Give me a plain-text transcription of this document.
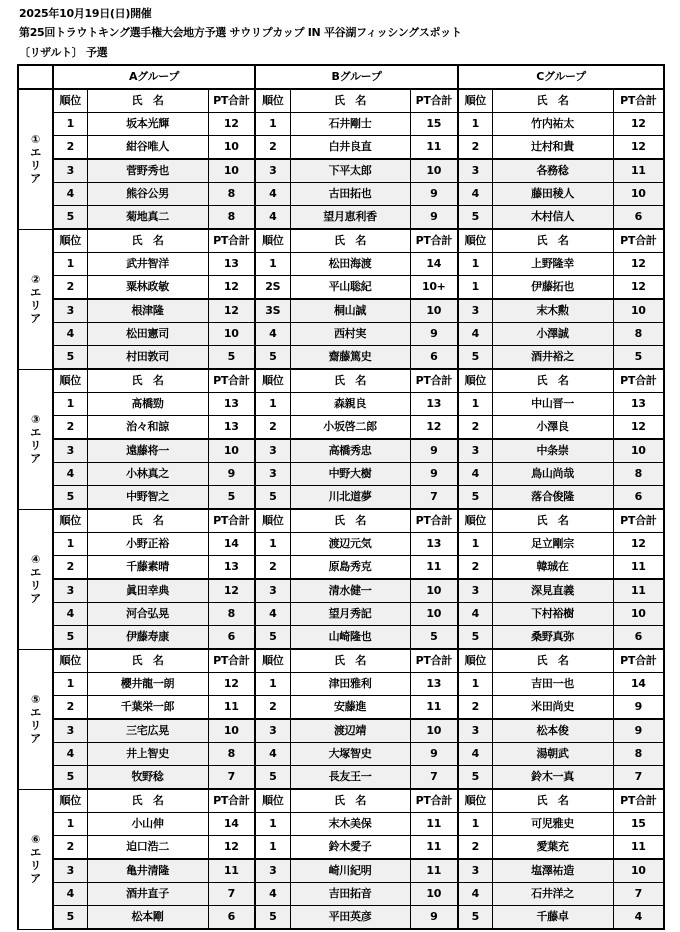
2025年10月19日(日)開催
第25回トラウトキング選手権大会地方予選 サウリプカップ IN 平谷湖フィッシングスポット
〔リザルト〕 予選
	Aグループ			Bグループ			Cグループ		

①
エ
リ
ア	順位	氏　名	PT合計	順位	氏　名	PT合計	順位	氏　名	PT合計
	1	坂本光輝	12	1	石井剛士	15	1	竹内祐太	12
	2	紺谷唯人	10	2	白井良直	11	2	辻村和貴	12
	3	菅野秀也	10	3	下平太郎	10	3	各務稔	11
	4	熊谷公男	8	4	古田拓也	9	4	藤田稜人	10
	5	菊地真二	8	4	望月恵利香	9	5	木村信人	6

②
エ
リ
ア	順位	氏　名	PT合計	順位	氏　名	PT合計	順位	氏　名	PT合計
	1	武井智洋	13	1	松田海渡	14	1	上野隆幸	12
	2	粟林政敏	12	2S	平山聡紀	10+	1	伊藤拓也	12
	3	根津隆	12	3S	桐山誠	10	3	末木勲	10
	4	松田憲司	10	4	西村実	9	4	小澤誠	8
	5	村田敦司	5	5	齋藤篤史	6	5	酒井裕之	5

③
エ
リ
ア	順位	氏　名	PT合計	順位	氏　名	PT合計	順位	氏　名	PT合計
	1	髙橋勁	13	1	森親良	13	1	中山晋一	13
	2	治々和諒	13	2	小坂啓二郎	12	2	小澤良	12
	3	遠藤将一	10	3	高橋秀忠	9	3	中条崇	10
	4	小林真之	9	3	中野大樹	9	4	鳥山尚哉	8
	5	中野智之	5	5	川北道夢	7	5	落合俊隆	6

④
エ
リ
ア	順位	氏　名	PT合計	順位	氏　名	PT合計	順位	氏　名	PT合計
	1	小野正裕	14	1	渡辺元気	13	1	足立剛宗	12
	2	千藤素晴	13	2	原島秀克	11	2	韓珹在	11
	3	眞田幸典	12	3	清水健一	10	3	深見直義	11
	4	河合弘晃	8	4	望月秀記	10	4	下村裕樹	10
	5	伊藤寿康	6	5	山崎隆也	5	5	桑野真弥	6

⑤
エ
リ
ア	順位	氏　名	PT合計	順位	氏　名	PT合計	順位	氏　名	PT合計
	1	櫻井龍一朗	12	1	津田雅利	13	1	吉田一也	14
	2	千葉栄一郎	11	2	安藤進	11	2	米田尚史	9
	3	三宅広晃	10	3	渡辺靖	10	3	松本俊	9
	4	井上智史	8	4	大塚智史	9	4	湯朝武	8
	5	牧野稔	7	5	長友王一	7	5	鈴木一真	7

⑥
エ
リ
ア	順位	氏　名	PT合計	順位	氏　名	PT合計	順位	氏　名	PT合計
	1	小山伸	14	1	末木美保	11	1	可児雅史	15
	2	迫口浩二	12	1	鈴木愛子	11	2	愛葉充	11
	3	亀井清隆	11	3	崎川紀明	11	3	塩澤祐造	10
	4	酒井直子	7	4	吉田拓音	10	4	石井洋之	7
	5	松本剛	6	5	平田英彦	9	5	千藤卓	4
